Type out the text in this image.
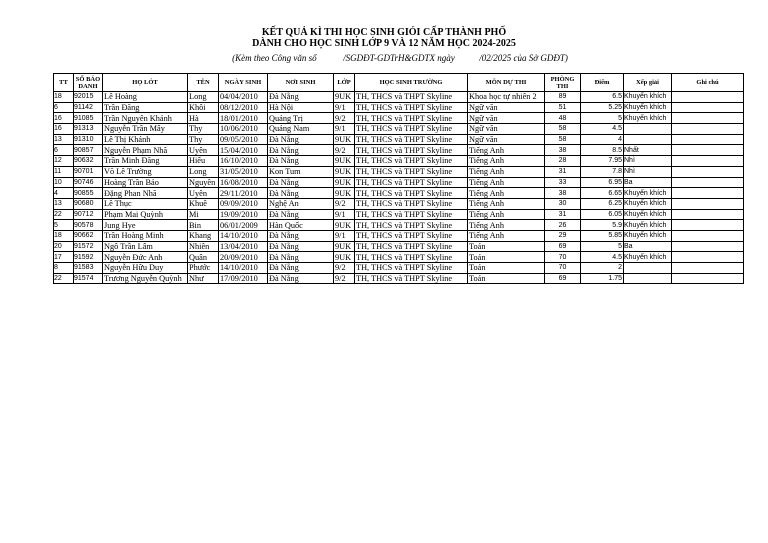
KẾT QUẢ KÌ THI HỌC SINH GIỎI CẤP THÀNH PHỐ
DÀNH CHO HỌC SINH LỚP 9 VÀ 12 NĂM HỌC 2024-2025
(Kèm theo Công văn số	/SGDĐT-GDTrH&GDTX ngày	/02/2025 của Sở GDĐT)
TT	SỐ BÁO DANH	HỌ LÓT	TÊN	NGÀY SINH	NƠI SINH	LỚP	HỌC SINH TRƯỜNG	MÔN DỰ THI	PHÒNG THI	Điểm	Xếp giải	Ghi chú
18	92015	Lê Hoàng	Long	04/04/2010	Đà Nẵng	9UK	TH, THCS và THPT Skyline	Khoa học tự nhiên 2	89	6.5	Khuyến khích	
6	91142	Trần Đăng	Khôi	08/12/2010	Hà Nội	9/1	TH, THCS và THPT Skyline	Ngữ văn	51	5.25	Khuyến khích	
16	91085	Trần Nguyên Khánh	Hà	18/01/2010	Quảng Trị	9/2	TH, THCS và THPT Skyline	Ngữ văn	48	5	Khuyến khích	
16	91313	Nguyễn Trần Mây	Thy	10/06/2010	Quảng Nam	9/1	TH, THCS và THPT Skyline	Ngữ văn	58	4.5		
13	91310	Lê Thị Khánh	Thy	09/05/2010	Đà Nẵng	9UK	TH, THCS và THPT Skyline	Ngữ văn	58	4		
6	90857	Nguyễn Phạm Nhã	Uyên	15/04/2010	Đà Nẵng	9/2	TH, THCS và THPT Skyline	Tiếng Anh	38	8.5	Nhất	
12	90632	Trần Minh Đăng	Hiếu	16/10/2010	Đà Nẵng	9UK	TH, THCS và THPT Skyline	Tiếng Anh	28	7.95	Nhì	
11	90701	Võ Lê Trường	Long	31/05/2010	Kon Tum	9UK	TH, THCS và THPT Skyline	Tiếng Anh	31	7.8	Nhì	
10	90746	Hoàng Trần Bảo	Nguyên	16/08/2010	Đà Nẵng	9UK	TH, THCS và THPT Skyline	Tiếng Anh	33	6.95	Ba	
4	90855	Đặng Phan Nhã	Uyên	29/11/2010	Đà Nẵng	9UK	TH, THCS và THPT Skyline	Tiếng Anh	38	6.65	Khuyến khích	
13	90680	Lê Thục	Khuê	09/09/2010	Nghệ An	9/2	TH, THCS và THPT Skyline	Tiếng Anh	30	6.25	Khuyến khích	
22	90712	Phạm Mai Quỳnh	Mi	19/09/2010	Đà Nẵng	9/1	TH, THCS và THPT Skyline	Tiếng Anh	31	6.05	Khuyến khích	
5	90578	Jung Hye	Bin	06/01/2009	Hàn Quốc	9UK	TH, THCS và THPT Skyline	Tiếng Anh	26	5.9	Khuyến khích	
18	90662	Trần Hoàng Minh	Khang	14/10/2010	Đà Nẵng	9/1	TH, THCS và THPT Skyline	Tiếng Anh	29	5.85	Khuyến khích	
20	91572	Ngô Trần Lâm	Nhiên	13/04/2010	Đà Nẵng	9UK	TH, THCS và THPT Skyline	Toán	69	5	Ba	
17	91592	Nguyễn Đức Anh	Quân	20/09/2010	Đà Nẵng	9UK	TH, THCS và THPT Skyline	Toán	70	4.5	Khuyến khích	
8	91583	Nguyễn Hữu Duy	Phước	14/10/2010	Đà Nẵng	9/2	TH, THCS và THPT Skyline	Toán	70	2		
22	91574	Trương Nguyễn Quỳnh	Như	17/09/2010	Đà Nẵng	9/2	TH, THCS và THPT Skyline	Toán	69	1.75		
